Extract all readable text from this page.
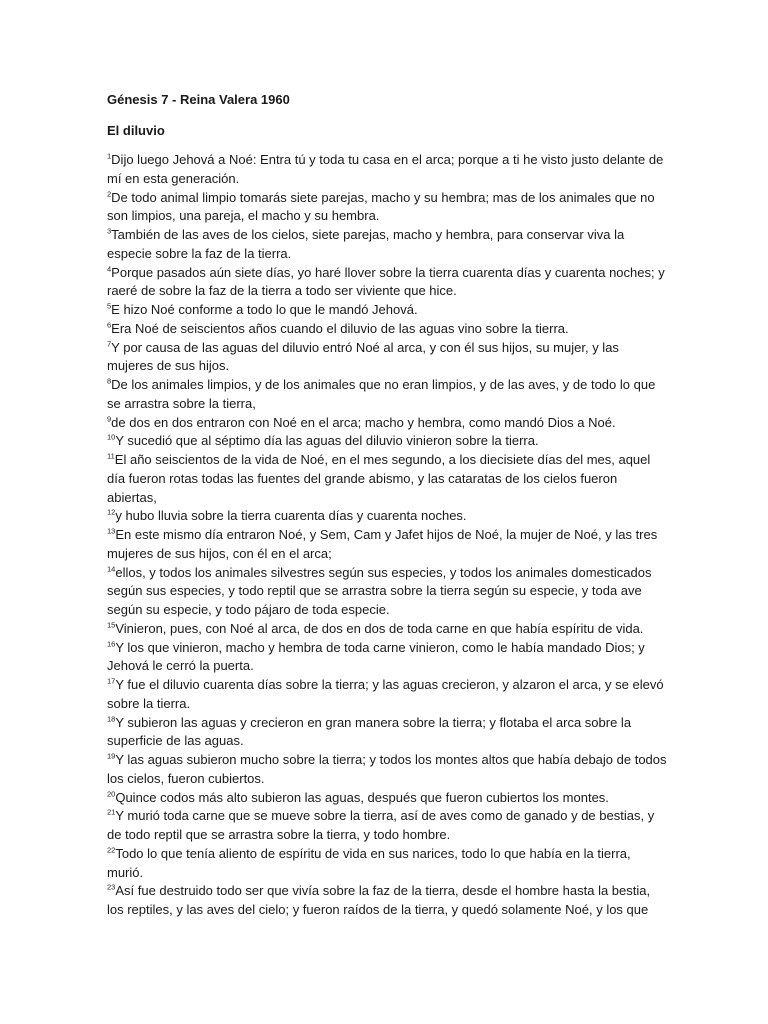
Génesis 7 - Reina Valera 1960
El diluvio

$^1$Dijo luego Jehová a Noé: Entra tú y toda tu casa en el arca; porque a ti he visto justo delante de mí en esta generación.

$^2$De todo animal limpio tomarás siete parejas, macho y su hembra; mas de los animales que no son limpios, una pareja, el macho y su hembra.

$^3$También de las aves de los cielos, siete parejas, macho y hembra, para conservar viva la especie sobre la faz de la tierra.

$^4$Porque pasados aún siete días, yo haré llover sobre la tierra cuarenta días y cuarenta noches; y raeré de sobre la faz de la tierra a todo ser viviente que hice.

$^5$E hizo Noé conforme a todo lo que le mandó Jehová.

$^6$Era Noé de seiscientos años cuando el diluvio de las aguas vino sobre la tierra.

$^7$Y por causa de las aguas del diluvio entró Noé al arca, y con él sus hijos, su mujer, y las mujeres de sus hijos.

$^8$De los animales limpios, y de los animales que no eran limpios, y de las aves, y de todo lo que se arrastra sobre la tierra,

$^9$de dos en dos entraron con Noé en el arca; macho y hembra, como mandó Dios a Noé.

$^{10}$Y sucedió que al séptimo día las aguas del diluvio vinieron sobre la tierra.

$^{11}$El año seiscientos de la vida de Noé, en el mes segundo, a los diecisiete días del mes, aquel día fueron rotas todas las fuentes del grande abismo, y las cataratas de los cielos fueron abiertas,

$^{12}$y hubo lluvia sobre la tierra cuarenta días y cuarenta noches.

$^{13}$En este mismo día entraron Noé, y Sem, Cam y Jafet hijos de Noé, la mujer de Noé, y las tres mujeres de sus hijos, con él en el arca;

$^{14}$ellos, y todos los animales silvestres según sus especies, y todos los animales domesticados según sus especies, y todo reptil que se arrastra sobre la tierra según su especie, y toda ave según su especie, y todo pájaro de toda especie.

$^{15}$Vinieron, pues, con Noé al arca, de dos en dos de toda carne en que había espíritu de vida.

$^{16}$Y los que vinieron, macho y hembra de toda carne vinieron, como le había mandado Dios; y Jehová le cerró la puerta.

$^{17}$Y fue el diluvio cuarenta días sobre la tierra; y las aguas crecieron, y alzaron el arca, y se elevó sobre la tierra.

$^{18}$Y subieron las aguas y crecieron en gran manera sobre la tierra; y flotaba el arca sobre la superficie de las aguas.

$^{19}$Y las aguas subieron mucho sobre la tierra; y todos los montes altos que había debajo de todos los cielos, fueron cubiertos.

$^{20}$Quince codos más alto subieron las aguas, después que fueron cubiertos los montes.

$^{21}$Y murió toda carne que se mueve sobre la tierra, así de aves como de ganado y de bestias, y de todo reptil que se arrastra sobre la tierra, y todo hombre.

$^{22}$Todo lo que tenía aliento de espíritu de vida en sus narices, todo lo que había en la tierra, murió.

$^{23}$Así fue destruido todo ser que vivía sobre la faz de la tierra, desde el hombre hasta la bestia, los reptiles, y las aves del cielo; y fueron raídos de la tierra, y quedó solamente Noé, y los que
